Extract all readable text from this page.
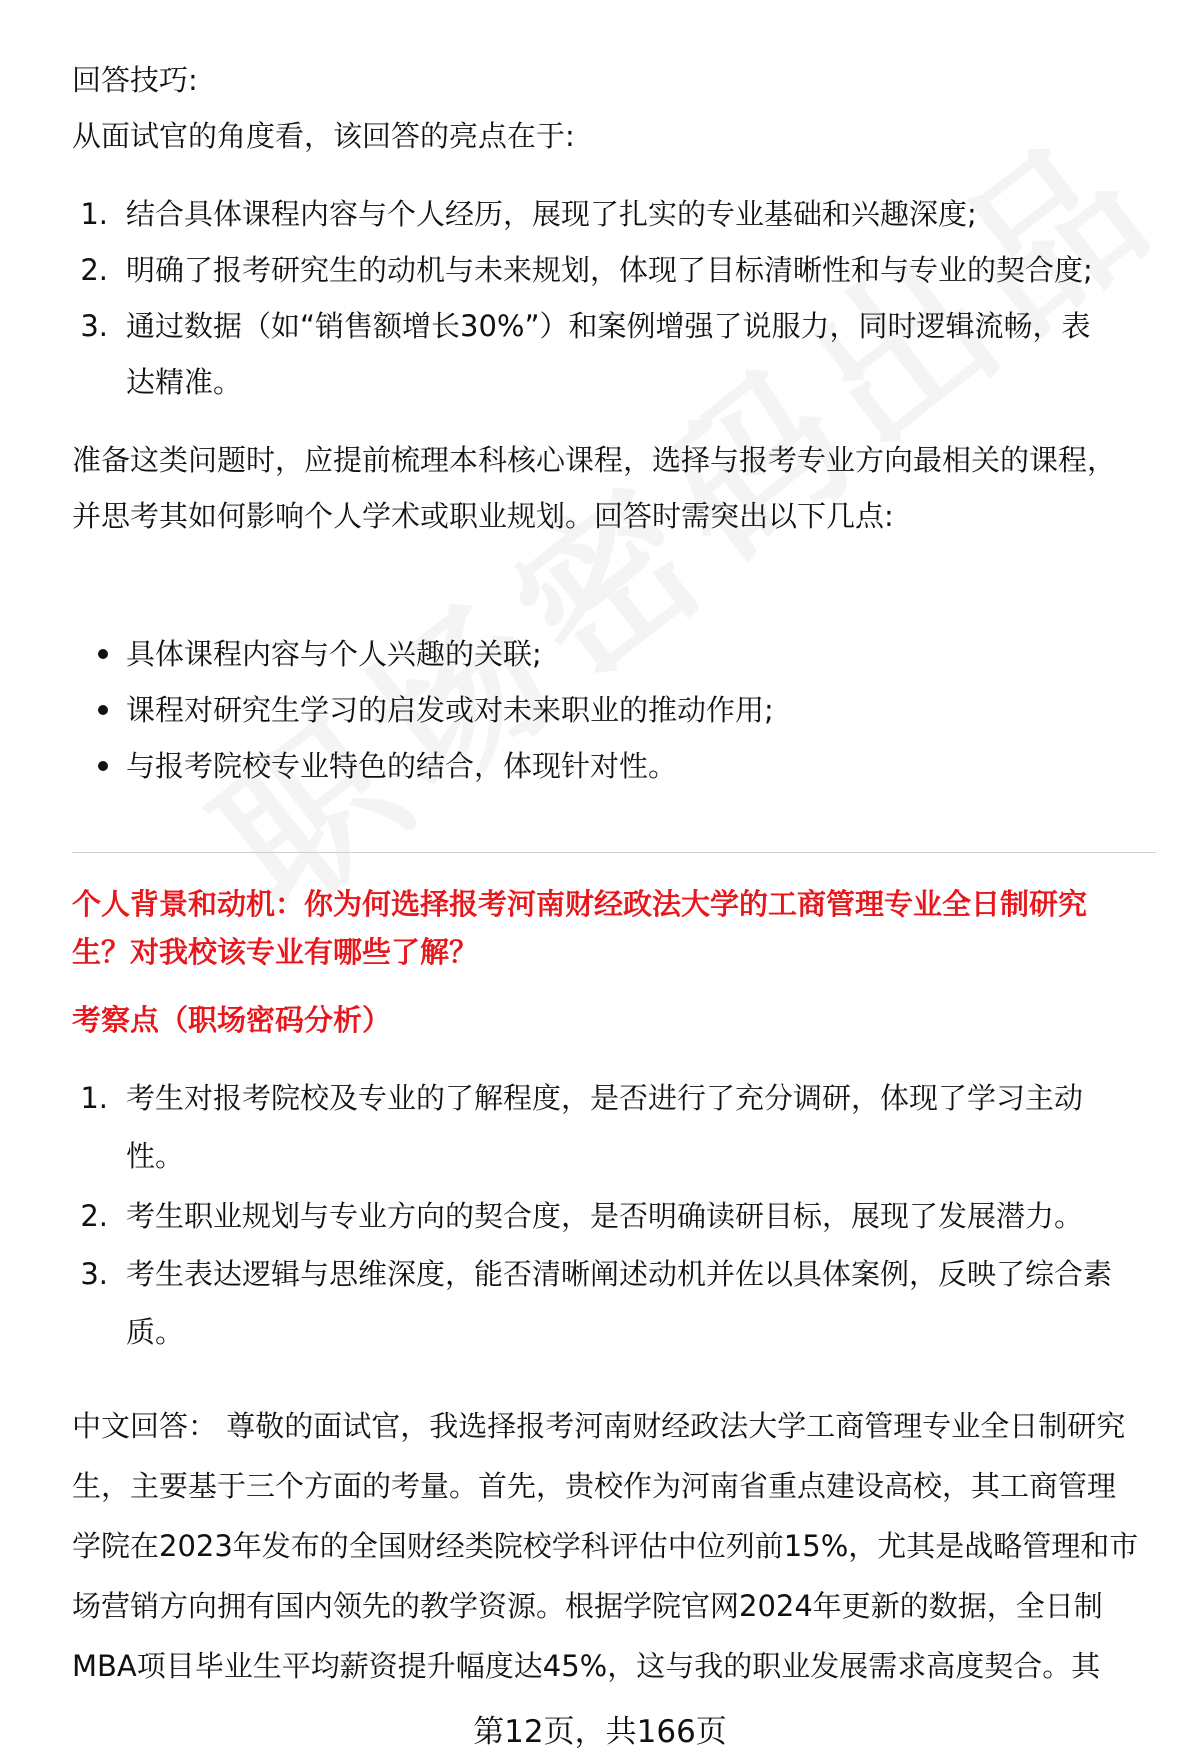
回答技巧:
从面试官的角度看，该回答的亮点在于:
1. 结合具体课程内容与个人经历，展现了扎实的专业基础和兴趣深度;
2. 明确了报考研究生的动机与未来规划，体现了目标清晰性和与专业的契合度;
3. 通过数据（如“销售额增长30%”）和案例增强了说服力，同时逻辑流畅，表
达精准。
准备这类问题时，应提前梳理本科核心课程，选择与报考专业方向最相关的课程，
并思考其如何影响个人学术或职业规划。回答时需突出以下几点:
具体课程内容与个人兴趣的关联;
课程对研究生学习的启发或对未来职业的推动作用;
与报考院校专业特色的结合，体现针对性。
个人背景和动机：你为何选择报考河南财经政法大学的工商管理专业全日制研究
生？对我校该专业有哪些了解？
考察点（职场密码分析）
1. 考生对报考院校及专业的了解程度，是否进行了充分调研，体现了学习主动
性。
2. 考生职业规划与专业方向的契合度，是否明确读研目标，展现了发展潜力。
3. 考生表达逻辑与思维深度，能否清晰阐述动机并佐以具体案例，反映了综合素
质。
中文回答： 尊敬的面试官，我选择报考河南财经政法大学工商管理专业全日制研究
生，主要基于三个方面的考量。首先，贵校作为河南省重点建设高校，其工商管理
学院在2023年发布的全国财经类院校学科评估中位列前15%，尤其是战略管理和市
场营销方向拥有国内领先的教学资源。根据学院官网2024年更新的数据，全日制
MBA项目毕业生平均薪资提升幅度达45%，这与我的职业发展需求高度契合。其
第12页，共166页
